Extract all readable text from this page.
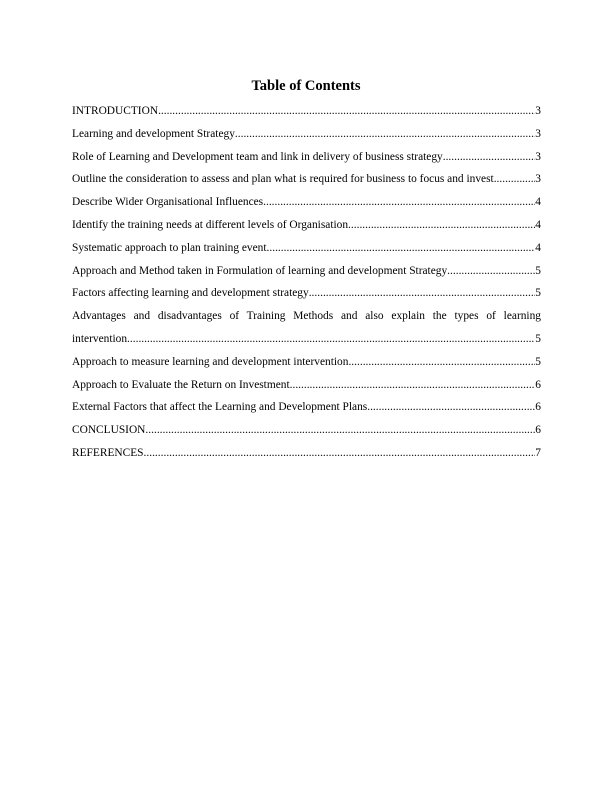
Table of Contents
INTRODUCTION .....	3
Learning and development Strategy .....	3
Role of Learning and Development team and link in delivery of business strategy .....	3
Outline the consideration to assess and plan what is required for business to focus and invest .....	3
Describe Wider Organisational Influences .....	4
Identify the training needs at different levels of Organisation .....	4
Systematic approach to plan training event .....	4
Approach and Method taken in Formulation of learning and development Strategy .....	5
Factors affecting learning and development strategy .....	5
Advantages and disadvantages of Training Methods and also explain the types of learning
intervention .....	5
Approach to measure learning and development intervention .....	5
Approach to Evaluate the Return on Investment .....	6
External Factors that affect the Learning and Development Plans .....	6
CONCLUSION .....	6
REFERENCES .....	7
